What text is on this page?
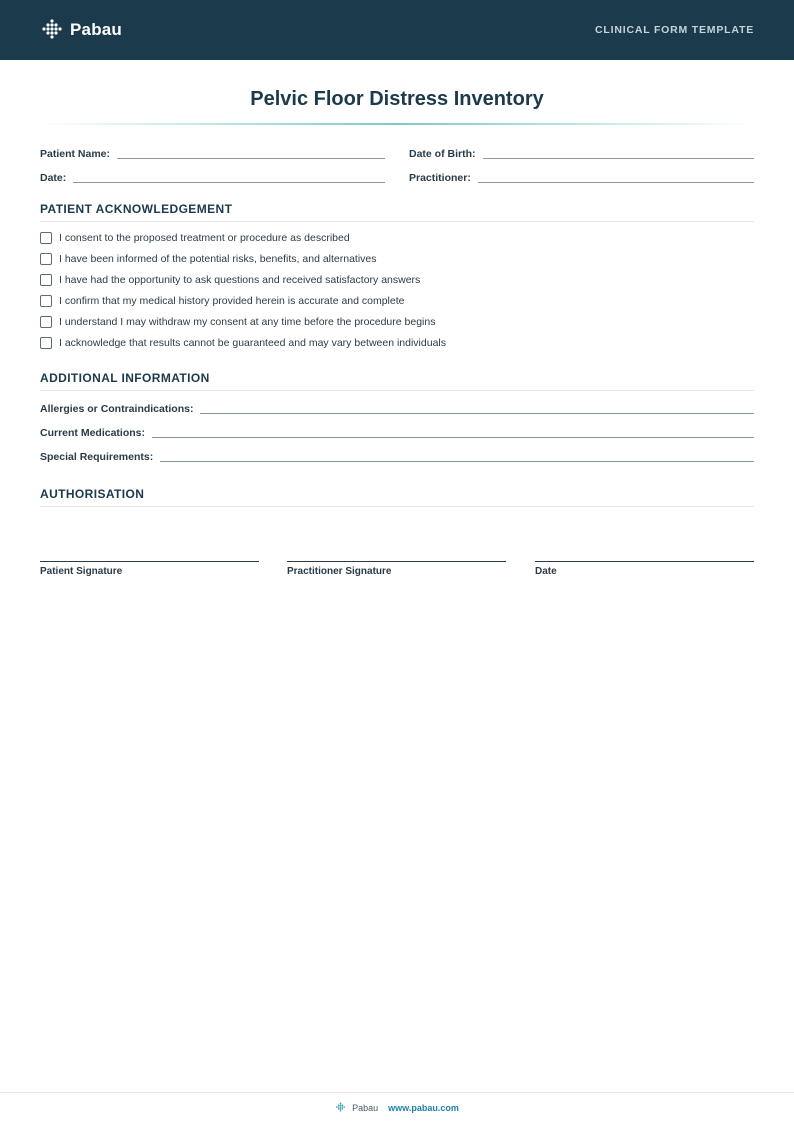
Pabau	CLINICAL FORM TEMPLATE
Pelvic Floor Distress Inventory
Patient Name:	Date of Birth:
Date:	Practitioner:
PATIENT ACKNOWLEDGEMENT
I consent to the proposed treatment or procedure as described
I have been informed of the potential risks, benefits, and alternatives
I have had the opportunity to ask questions and received satisfactory answers
I confirm that my medical history provided herein is accurate and complete
I understand I may withdraw my consent at any time before the procedure begins
I acknowledge that results cannot be guaranteed and may vary between individuals
ADDITIONAL INFORMATION
Allergies or Contraindications:
Current Medications:
Special Requirements:
AUTHORISATION
Patient Signature	Practitioner Signature	Date
Pabau www.pabau.com
